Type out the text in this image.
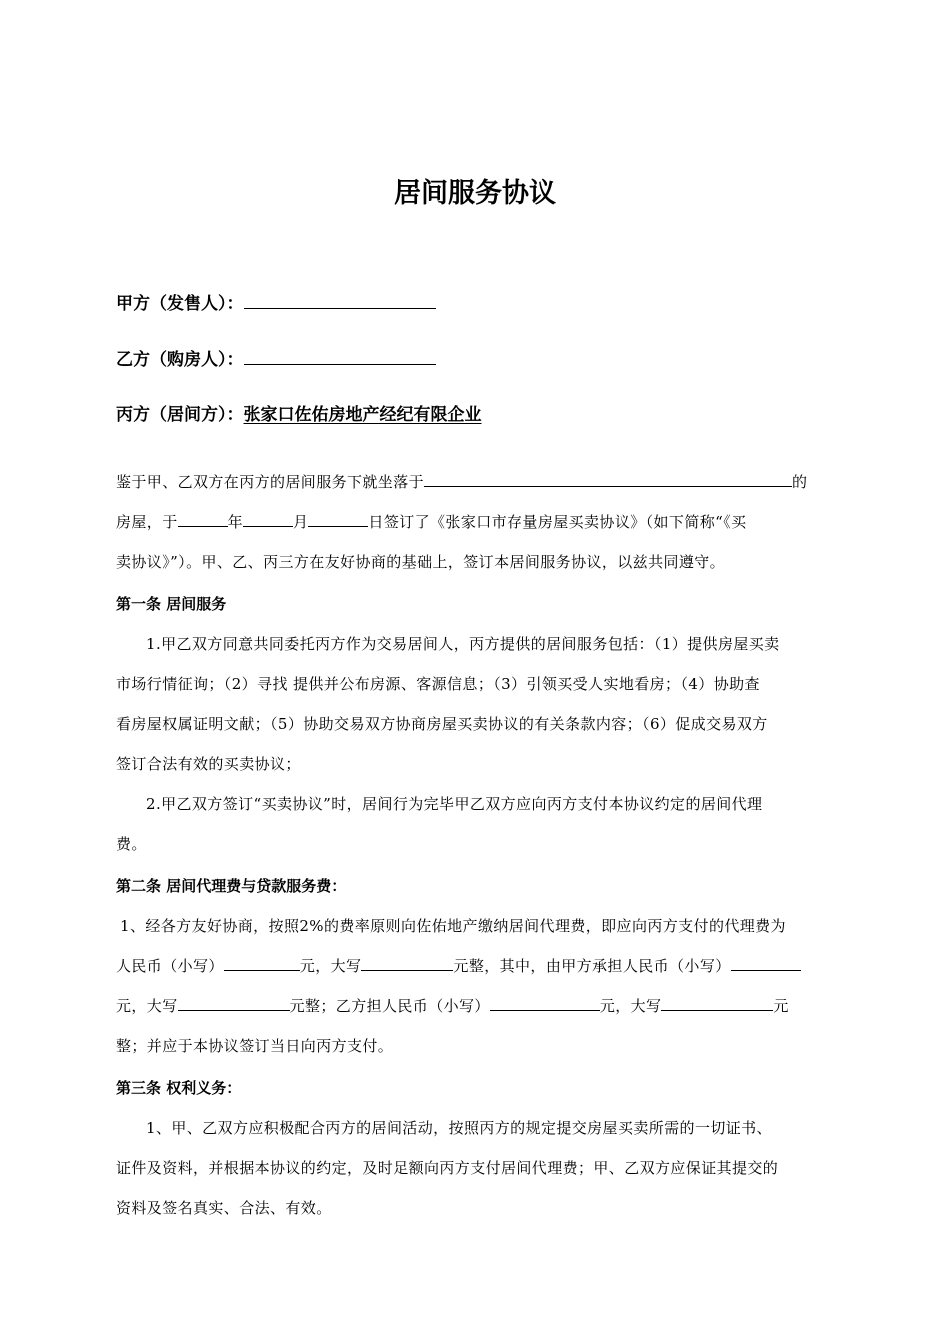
居间服务协议
甲方（发售人）：
乙方（购房人）：
丙方（居间方）：张家口佐佑房地产经纪有限企业
鉴于甲、乙双方在丙方的居间服务下就坐落于	的
房屋，于	年	月	日签订了《张家口市存量房屋买卖协议》（如下简称“《买
卖协议》”）。甲、乙、丙三方在友好协商的基础上，签订本居间服务协议，以兹共同遵守。
第一条 居间服务
1.甲乙双方同意共同委托丙方作为交易居间人，丙方提供的居间服务包括：（1）提供房屋买卖
市场行情征询；（2）寻找 提供并公布房源、客源信息；（3）引领买受人实地看房；（4）协助查
看房屋权属证明文献；（5）协助交易双方协商房屋买卖协议的有关条款内容；（6）促成交易双方
签订合法有效的买卖协议；
2.甲乙双方签订“买卖协议”时，居间行为完毕甲乙双方应向丙方支付本协议约定的居间代理
费。
第二条 居间代理费与贷款服务费：
1、经各方友好协商，按照2%的费率原则向佐佑地产缴纳居间代理费，即应向丙方支付的代理费为
人民币（小写）	元，大写	元整，其中，由甲方承担人民币（小写）
元，大写	元整；乙方担人民币（小写）	元，大写	元
整；并应于本协议签订当日向丙方支付。
第三条 权利义务：
1、甲、乙双方应积极配合丙方的居间活动，按照丙方的规定提交房屋买卖所需的一切证书、
证件及资料，并根据本协议的约定，及时足额向丙方支付居间代理费；甲、乙双方应保证其提交的
资料及签名真实、合法、有效。
